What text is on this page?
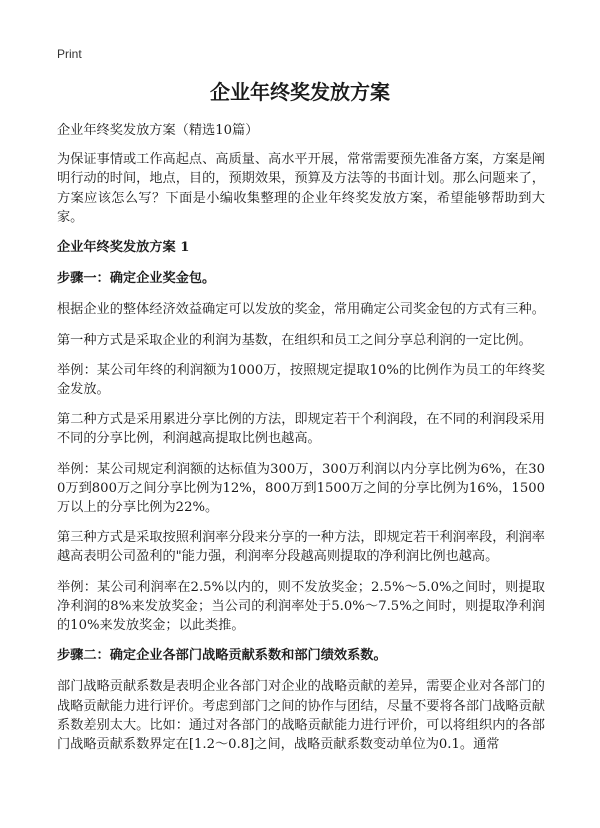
Print
企业年终奖发放方案

企业年终奖发放方案（精选10篇）

为保证事情或工作高起点、高质量、高水平开展，常常需要预先准备方案，方案是阐明行动的时间，地点，目的，预期效果，预算及方法等的书面计划。那么问题来了，方案应该怎么写？下面是小编收集整理的企业年终奖发放方案，希望能够帮助到大家。

企业年终奖发放方案 1

步骤一：确定企业奖金包。

根据企业的整体经济效益确定可以发放的奖金，常用确定公司奖金包的方式有三种。

第一种方式是采取企业的利润为基数，在组织和员工之间分享总利润的一定比例。

举例：某公司年终的利润额为1000万，按照规定提取10%的比例作为员工的年终奖金发放。

第二种方式是采用累进分享比例的方法，即规定若干个利润段，在不同的利润段采用不同的分享比例，利润越高提取比例也越高。

举例：某公司规定利润额的达标值为300万，300万利润以内分享比例为6%，在300万到800万之间分享比例为12%，800万到1500万之间的分享比例为16%，1500万以上的分享比例为22%。

第三种方式是采取按照利润率分段来分享的一种方法，即规定若干利润率段，利润率越高表明公司盈利的"能力强，利润率分段越高则提取的净利润比例也越高。

举例：某公司利润率在2.5%以内的，则不发放奖金；2.5%～5.0%之间时，则提取净利润的8%来发放奖金；当公司的利润率处于5.0%～7.5%之间时，则提取净利润的10%来发放奖金；以此类推。

步骤二：确定企业各部门战略贡献系数和部门绩效系数。

部门战略贡献系数是表明企业各部门对企业的战略贡献的差异，需要企业对各部门的战略贡献能力进行评价。考虑到部门之间的协作与团结，尽量不要将各部门战略贡献系数差别太大。比如：通过对各部门的战略贡献能力进行评价，可以将组织内的各部门战略贡献系数界定在[1.2～0.8]之间，战略贡献系数变动单位为0.1。通常
